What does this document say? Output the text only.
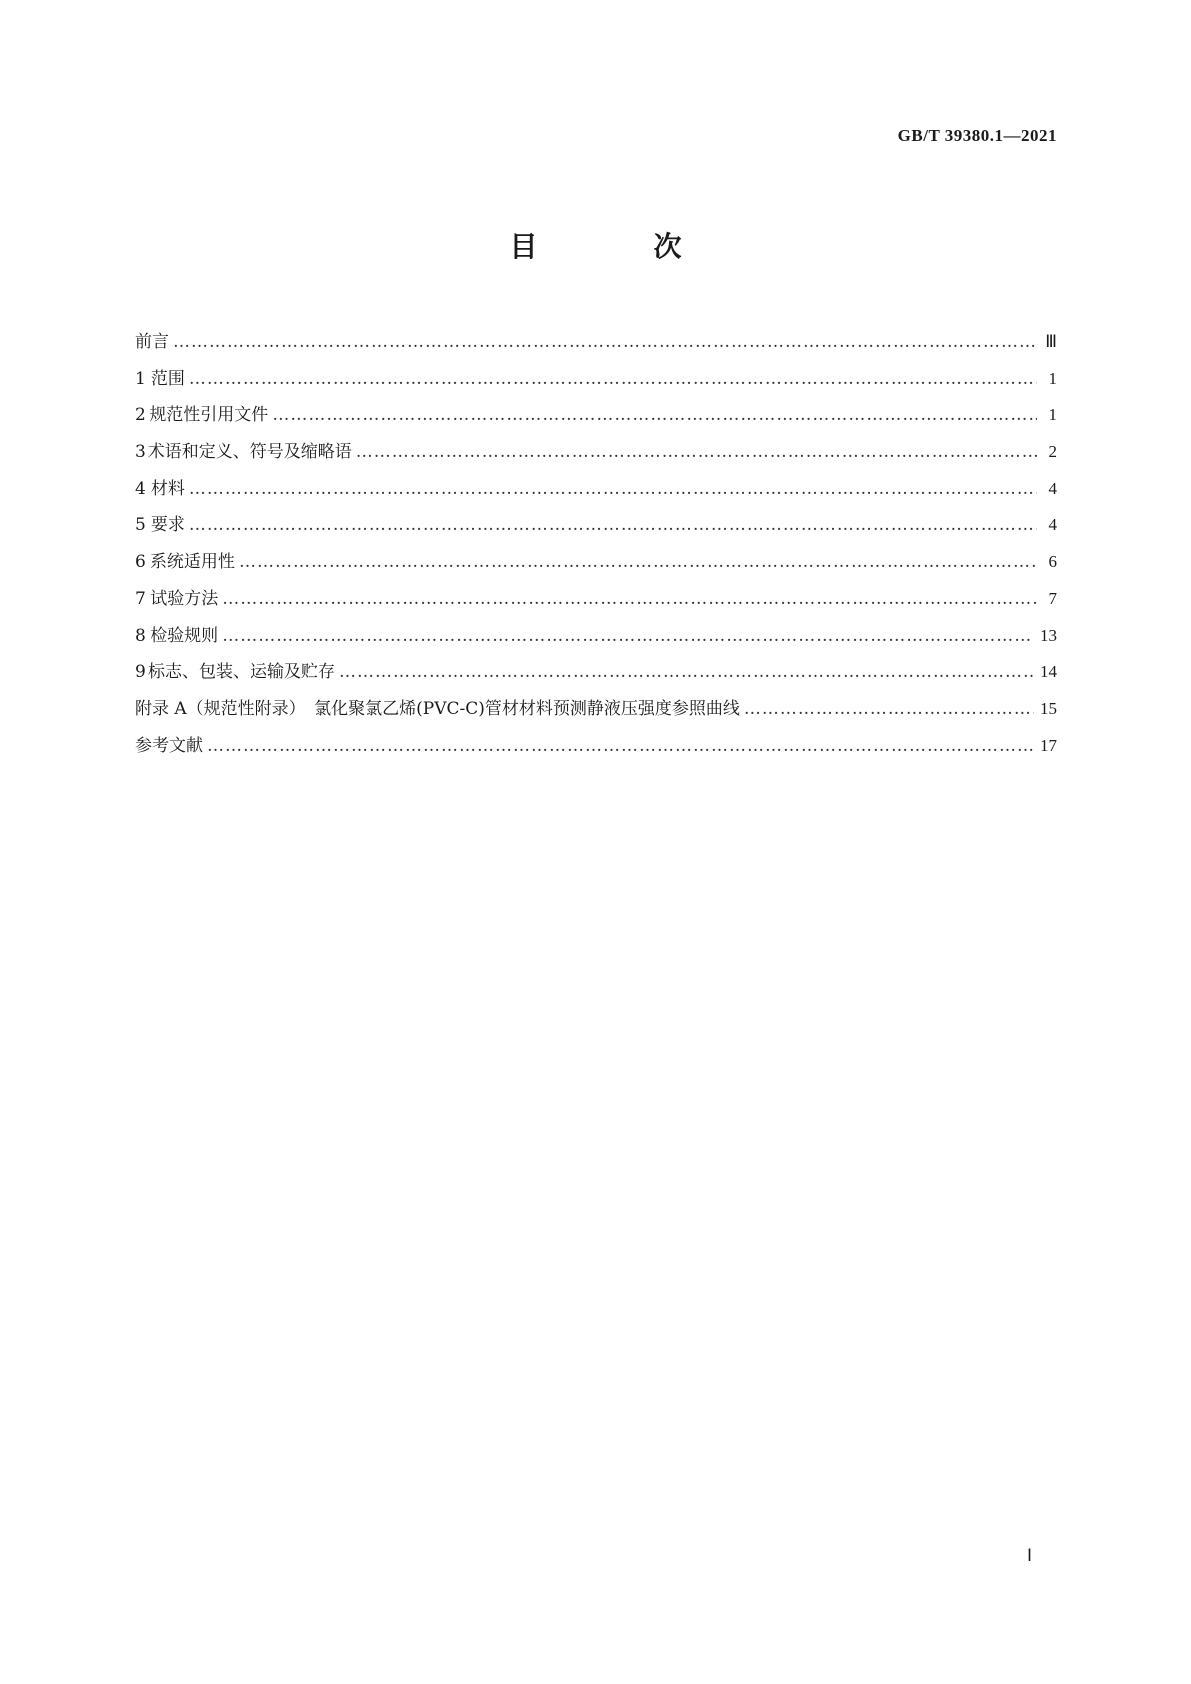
GB/T 39380.1—2021
目　次
前言 ……………………………………………………………………………………………………………………………………………………………………………………………………………………………………………………………………	Ⅲ
1 范围 ……………………………………………………………………………………………………………………………………………………………………………………………………………………………………………………………………	1
2 规范性引用文件 ……………………………………………………………………………………………………………………………………………………………………………………………………………………………………………………………………	1
3 术语和定义、符号及缩略语 ……………………………………………………………………………………………………………………………………………………………………………………………………………………………………………………………………	2
4 材料 ……………………………………………………………………………………………………………………………………………………………………………………………………………………………………………………………………	4
5 要求 ……………………………………………………………………………………………………………………………………………………………………………………………………………………………………………………………………	4
6 系统适用性 ……………………………………………………………………………………………………………………………………………………………………………………………………………………………………………………………………	6
7 试验方法 ……………………………………………………………………………………………………………………………………………………………………………………………………………………………………………………………………	7
8 检验规则 ……………………………………………………………………………………………………………………………………………………………………………………………………………………………………………………………………	13
9 标志、包装、运输及贮存 ……………………………………………………………………………………………………………………………………………………………………………………………………………………………………………………………………	14
附录 A（规范性附录）　氯化聚氯乙烯(PVC-C)管材材料预测静液压强度参照曲线 ……………………………………………………………………………………………………………………………………………………………………………………………………………………………………………………………………	15
参考文献 ……………………………………………………………………………………………………………………………………………………………………………………………………………………………………………………………………	17
Ⅰ
